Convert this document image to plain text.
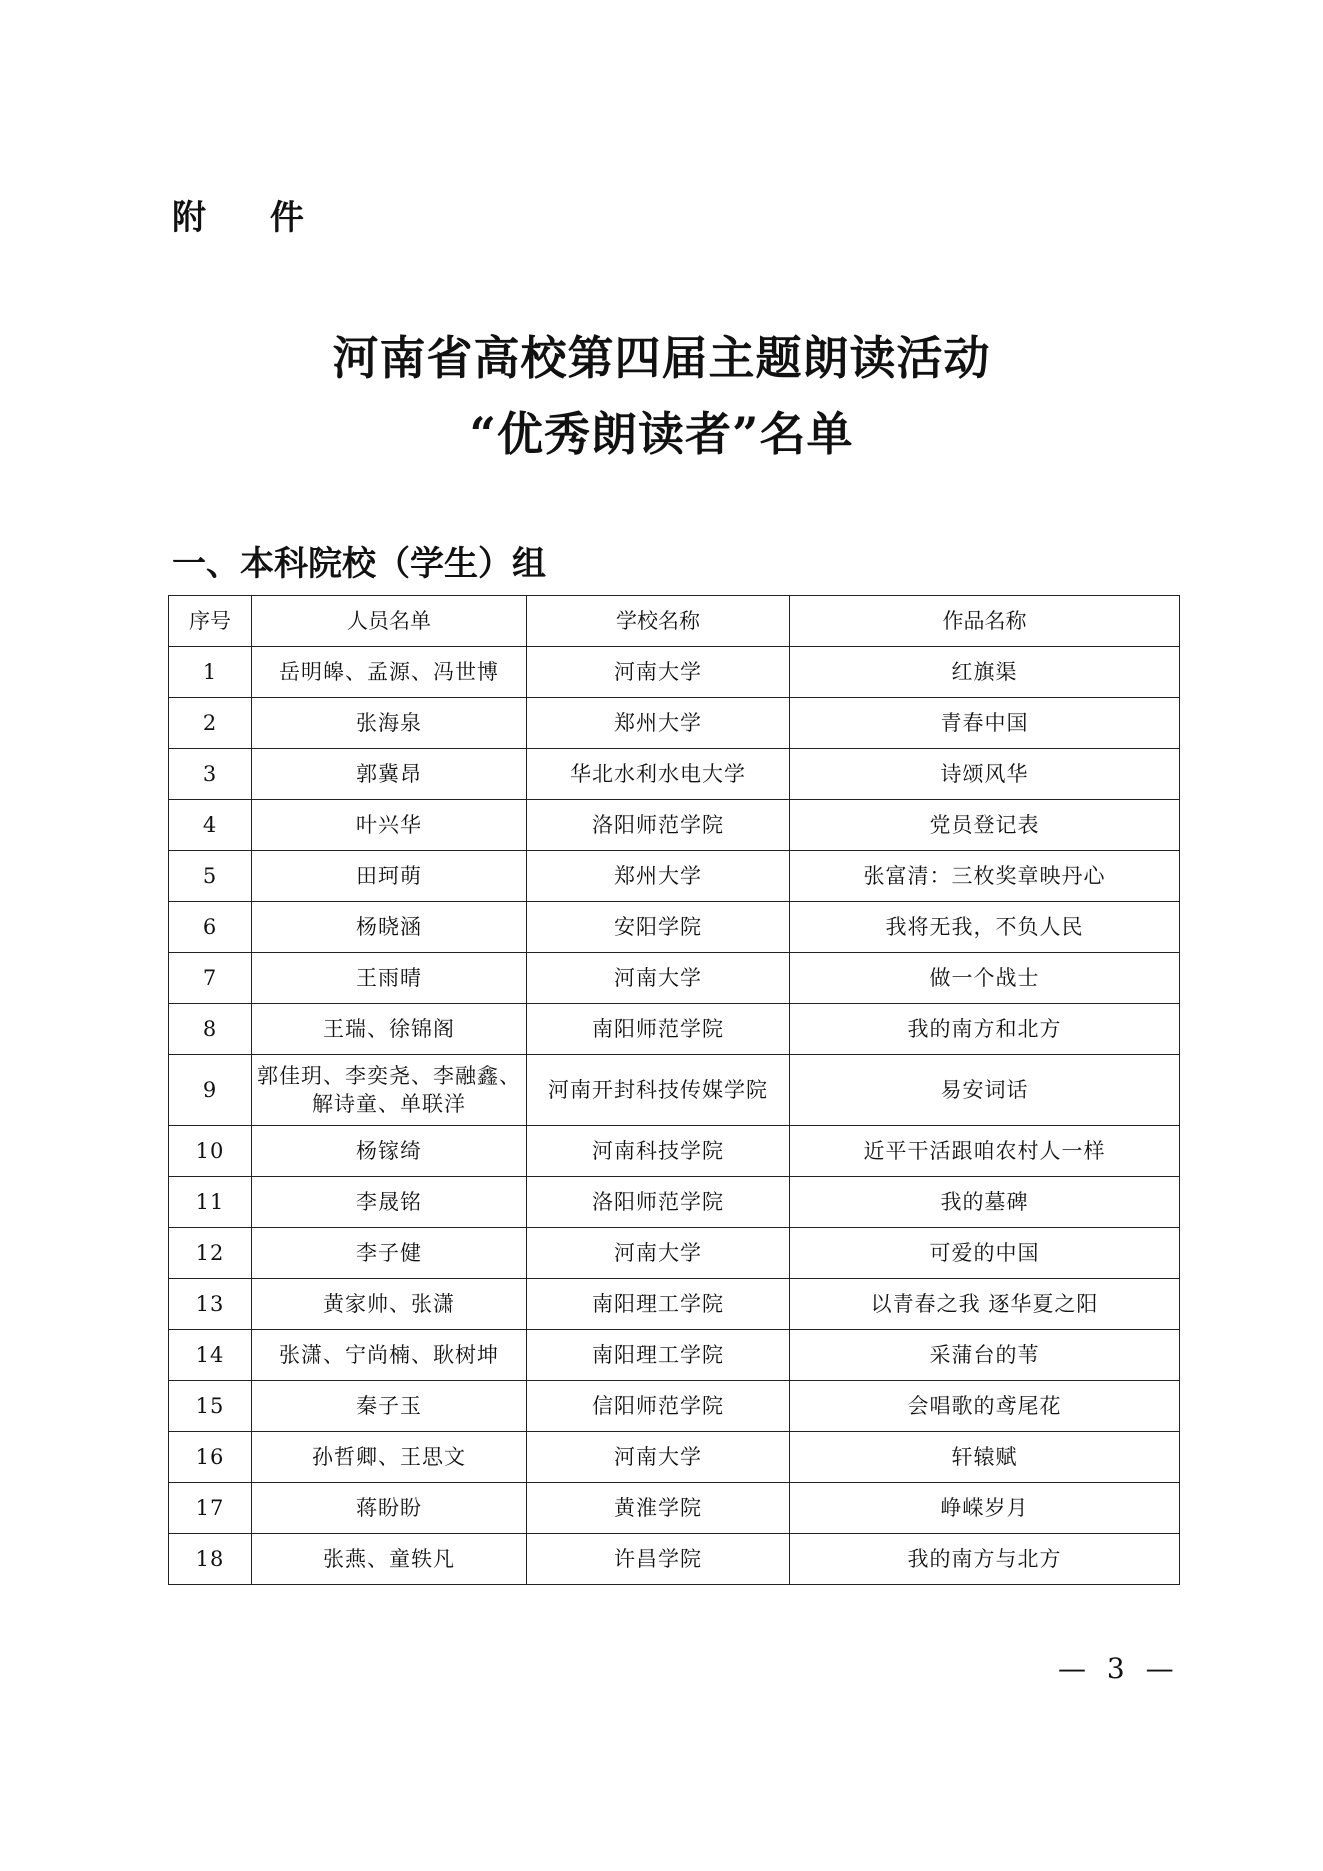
附 件
河南省高校第四届主题朗读活动
“优秀朗读者”名单
一、本科院校（学生）组
序号	人员名单	学校名称	作品名称
1	岳明皞、孟源、冯世博	河南大学	红旗渠
2	张海泉	郑州大学	青春中国
3	郭冀昂	华北水利水电大学	诗颂风华
4	叶兴华	洛阳师范学院	党员登记表
5	田珂萌	郑州大学	张富清：三枚奖章映丹心
6	杨晓涵	安阳学院	我将无我，不负人民
7	王雨晴	河南大学	做一个战士
8	王瑞、徐锦阁	南阳师范学院	我的南方和北方
9	郭佳玥、李奕尧、李融鑫、
解诗童、单联洋	河南开封科技传媒学院	易安词话
10	杨镓绮	河南科技学院	近平干活跟咱农村人一样
11	李晟铭	洛阳师范学院	我的墓碑
12	李子健	河南大学	可爱的中国
13	黄家帅、张潇	南阳理工学院	以青春之我 逐华夏之阳
14	张潇、宁尚楠、耿树坤	南阳理工学院	采蒲台的苇
15	秦子玉	信阳师范学院	会唱歌的鸢尾花
16	孙哲卿、王思文	河南大学	轩辕赋
17	蒋盼盼	黄淮学院	峥嵘岁月
18	张燕、童轶凡	许昌学院	我的南方与北方
— 3 —
